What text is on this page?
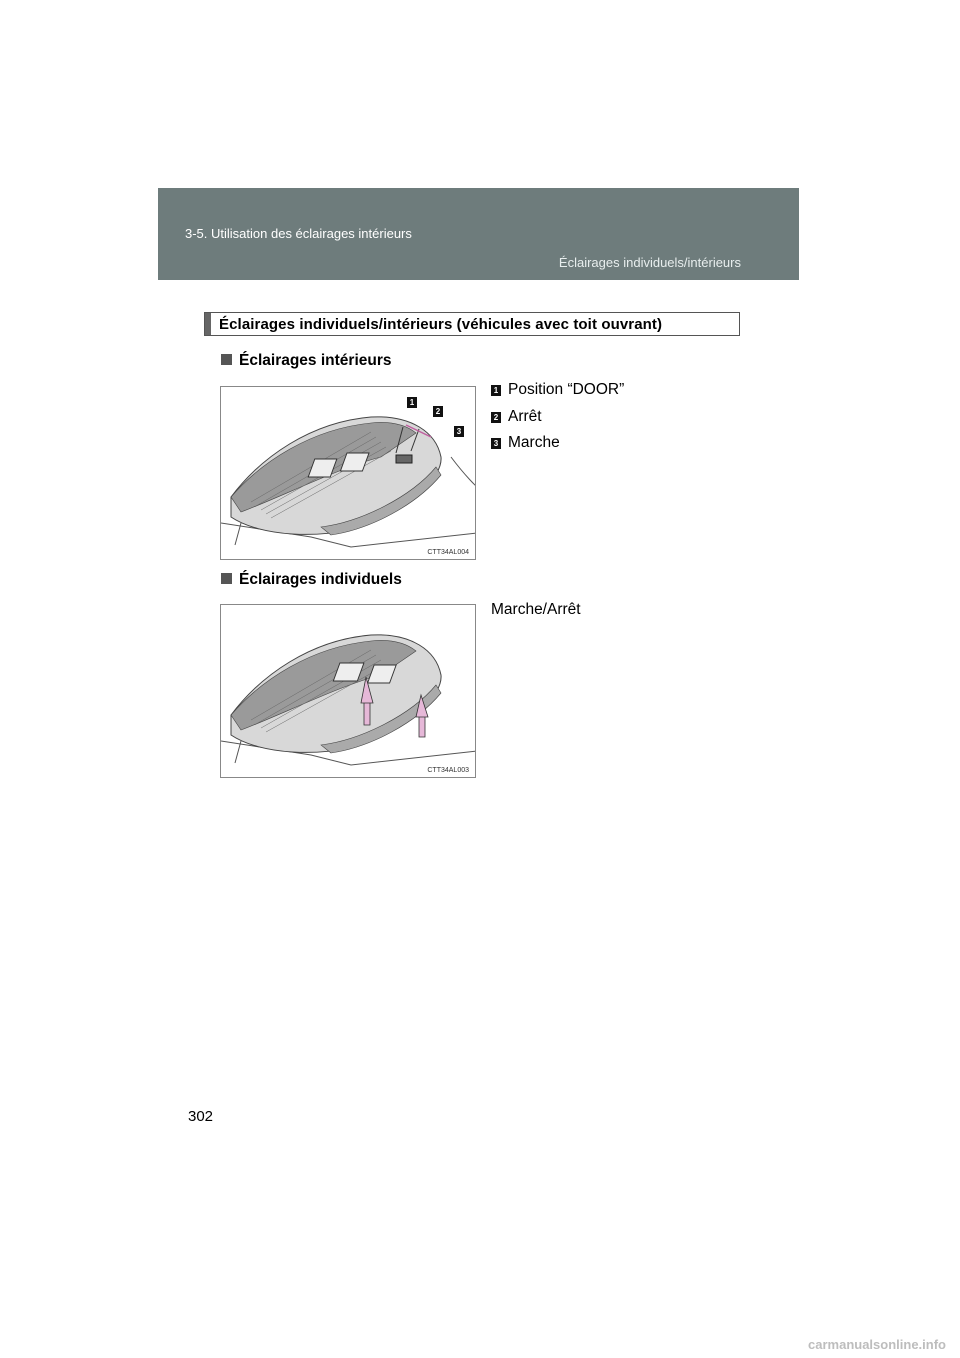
3-5. Utilisation des éclairages intérieurs
Éclairages individuels/intérieurs
Éclairages individuels/intérieurs (véhicules avec toit ouvrant)
Éclairages intérieurs
CTT34AL004
1
2
3
1 Position “DOOR”
2 Arrêt
3 Marche
Éclairages individuels
CTT34AL003
Marche/Arrêt
302
carmanualsonline.info
